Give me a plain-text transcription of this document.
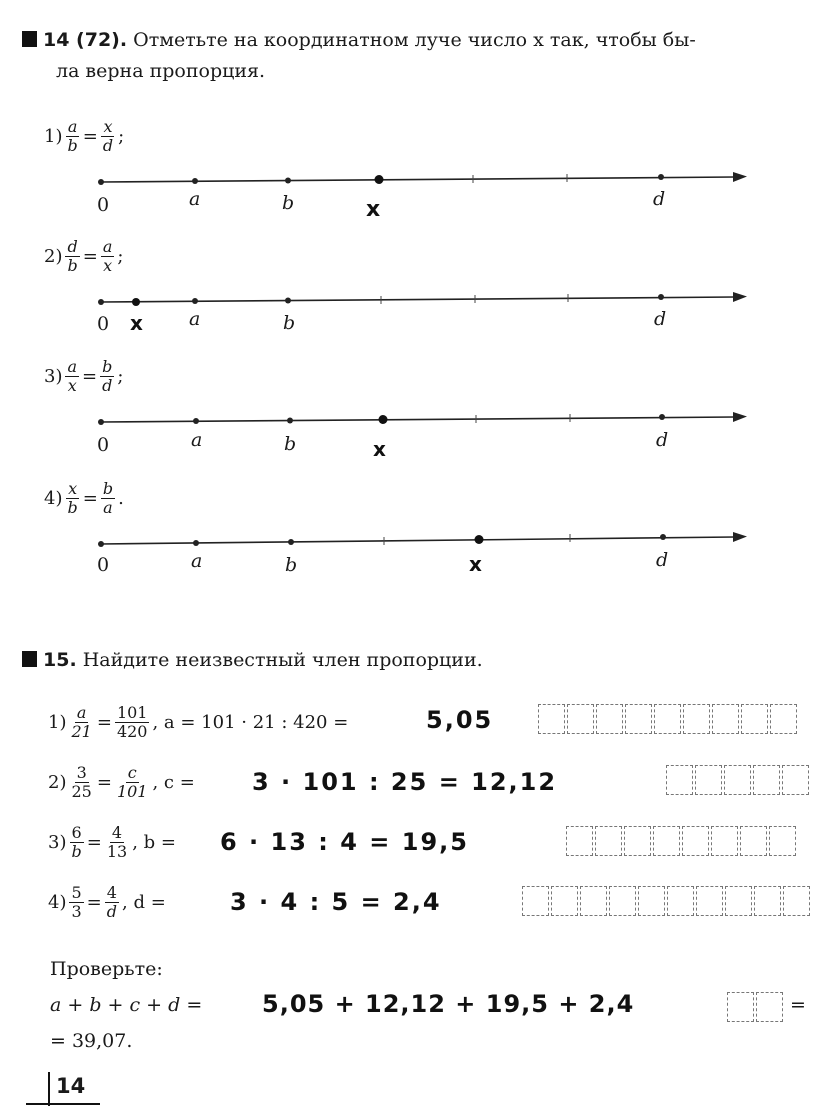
14 (72). Отметьте на координатном луче число x так, чтобы бы-
ла верна пропорция.
$1) \frac{a}{b} = \frac{x}{d}$ ;
0	a	b	x	d
$2) \frac{d}{b} = \frac{a}{x}$ ;
0 x a	b	d
$3) \frac{a}{x} = \frac{b}{d}$ ;
0	a	b	x	d
$4) \frac{x}{b} = \frac{b}{a}$ .
0	a	b	x	d
15. Найдите неизвестный член пропорции.
$1) \frac{a}{21} = \frac{101}{420}$ , a = 101 · 21 : 420 =	5,05
$2) \frac{3}{25} = \frac{c}{101}$ , c = 3 · 101 : 25 = 12,12
$3) \frac{6}{b} = \frac{4}{13}$ , b = 6 · 13 : 4 = 19,5
$4) \frac{5}{3} = \frac{4}{d}$ , d =	3 · 4 : 5 = 2,4
Проверьте:
a + b + c + d = 5,05 + 12,12 + 19,5 + 2,4	=
= 39,07.
14
